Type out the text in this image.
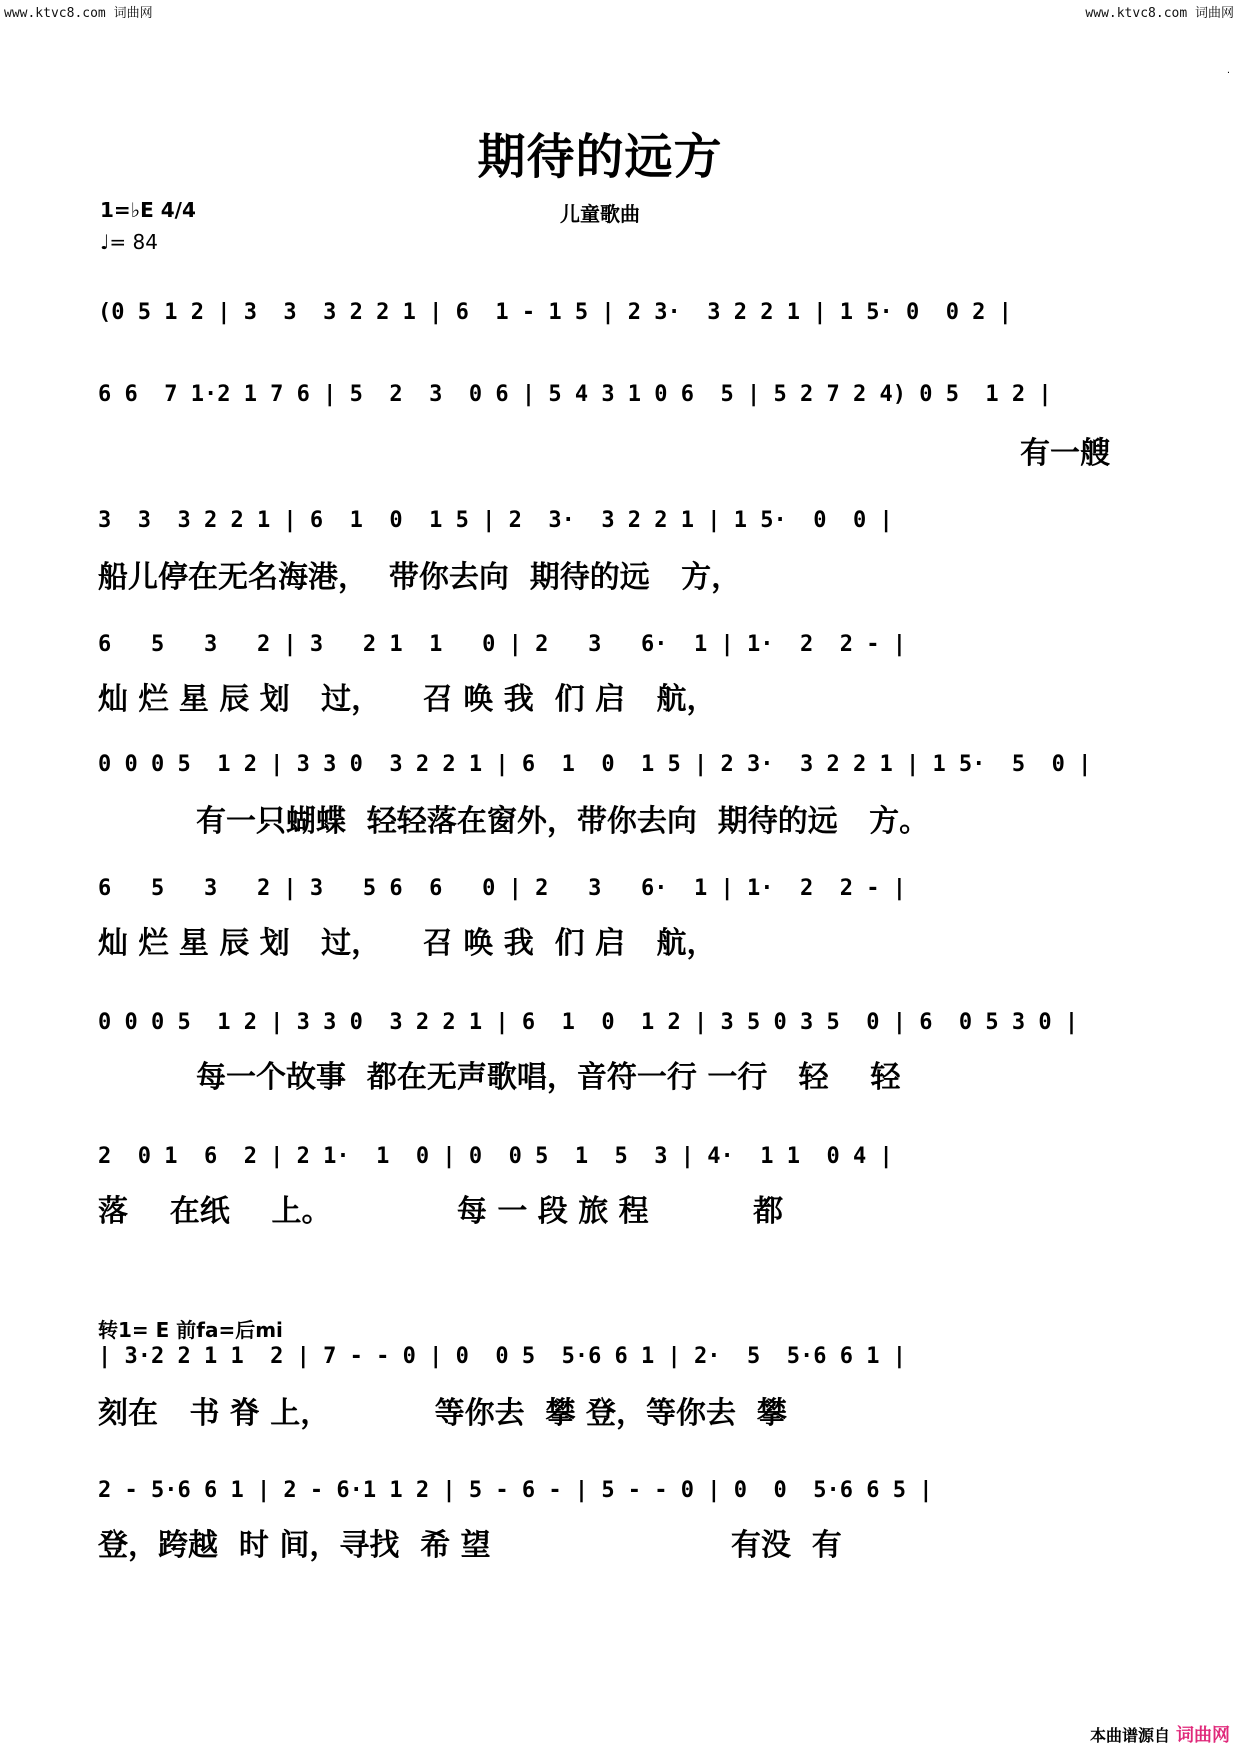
www.ktvc8.com 词曲网	www.ktvc8.com 词曲网
·
期待的远方
1=♭E 4/4	儿童歌曲
♩= 84
(0 5 1 2 | 3  3  3 2 2 1 | 6  1 - 1 5 | 2 3·  3 2 2 1 | 1 5· 0  0 2 |
6 6  7 1·2 1 7 6 | 5  2  3  0 6 | 5 4 3 1 0 6  5 | 5 2 7 2 4) 0 5  1 2 |
有一艘
3  3  3 2 2 1 | 6  1  0  1 5 | 2  3·  3 2 2 1 | 1 5·  0  0 |
船儿停在无名海港，  带你去向  期待的远   方，
6   5   3   2 | 3   2 1  1   0 | 2   3   6·  1 | 1·  2  2 - |
灿 烂 星 辰 划   过，    召 唤 我  们 启   航，
0 0 0 5  1 2 | 3 3 0  3 2 2 1 | 6  1  0  1 5 | 2 3·  3 2 2 1 | 1 5·  5  0 |
有一只蝴蝶  轻轻落在窗外，带你去向  期待的远   方。
6   5   3   2 | 3   5 6  6   0 | 2   3   6·  1 | 1·  2  2 - |
灿 烂 星 辰 划   过，    召 唤 我  们 启   航，
0 0 0 5  1 2 | 3 3 0  3 2 2 1 | 6  1  0  1 2 | 3 5 0 3 5  0 | 6  0 5 3 0 |
每一个故事  都在无声歌唱，音符一行 一行   轻    轻
2  0 1  6  2 | 2 1·  1  0 | 0  0 5  1  5  3 | 4·  1 1  0 4 |
落    在纸    上。            每 一 段 旅 程          都
转1= E 前fa=后mi
| 3·2 2 1 1  2 | 7 - - 0 | 0  0 5  5·6 6 1 | 2·  5  5·6 6 1 |
刻在   书 脊 上，          等你去  攀 登，等你去  攀
2 - 5·6 6 1 | 2 - 6·1 1 2 | 5 - 6 - | 5 - - 0 | 0  0  5·6 6 5 |
登，跨越  时 间，寻找  希 望                       有没  有
本曲谱源自 词曲网
